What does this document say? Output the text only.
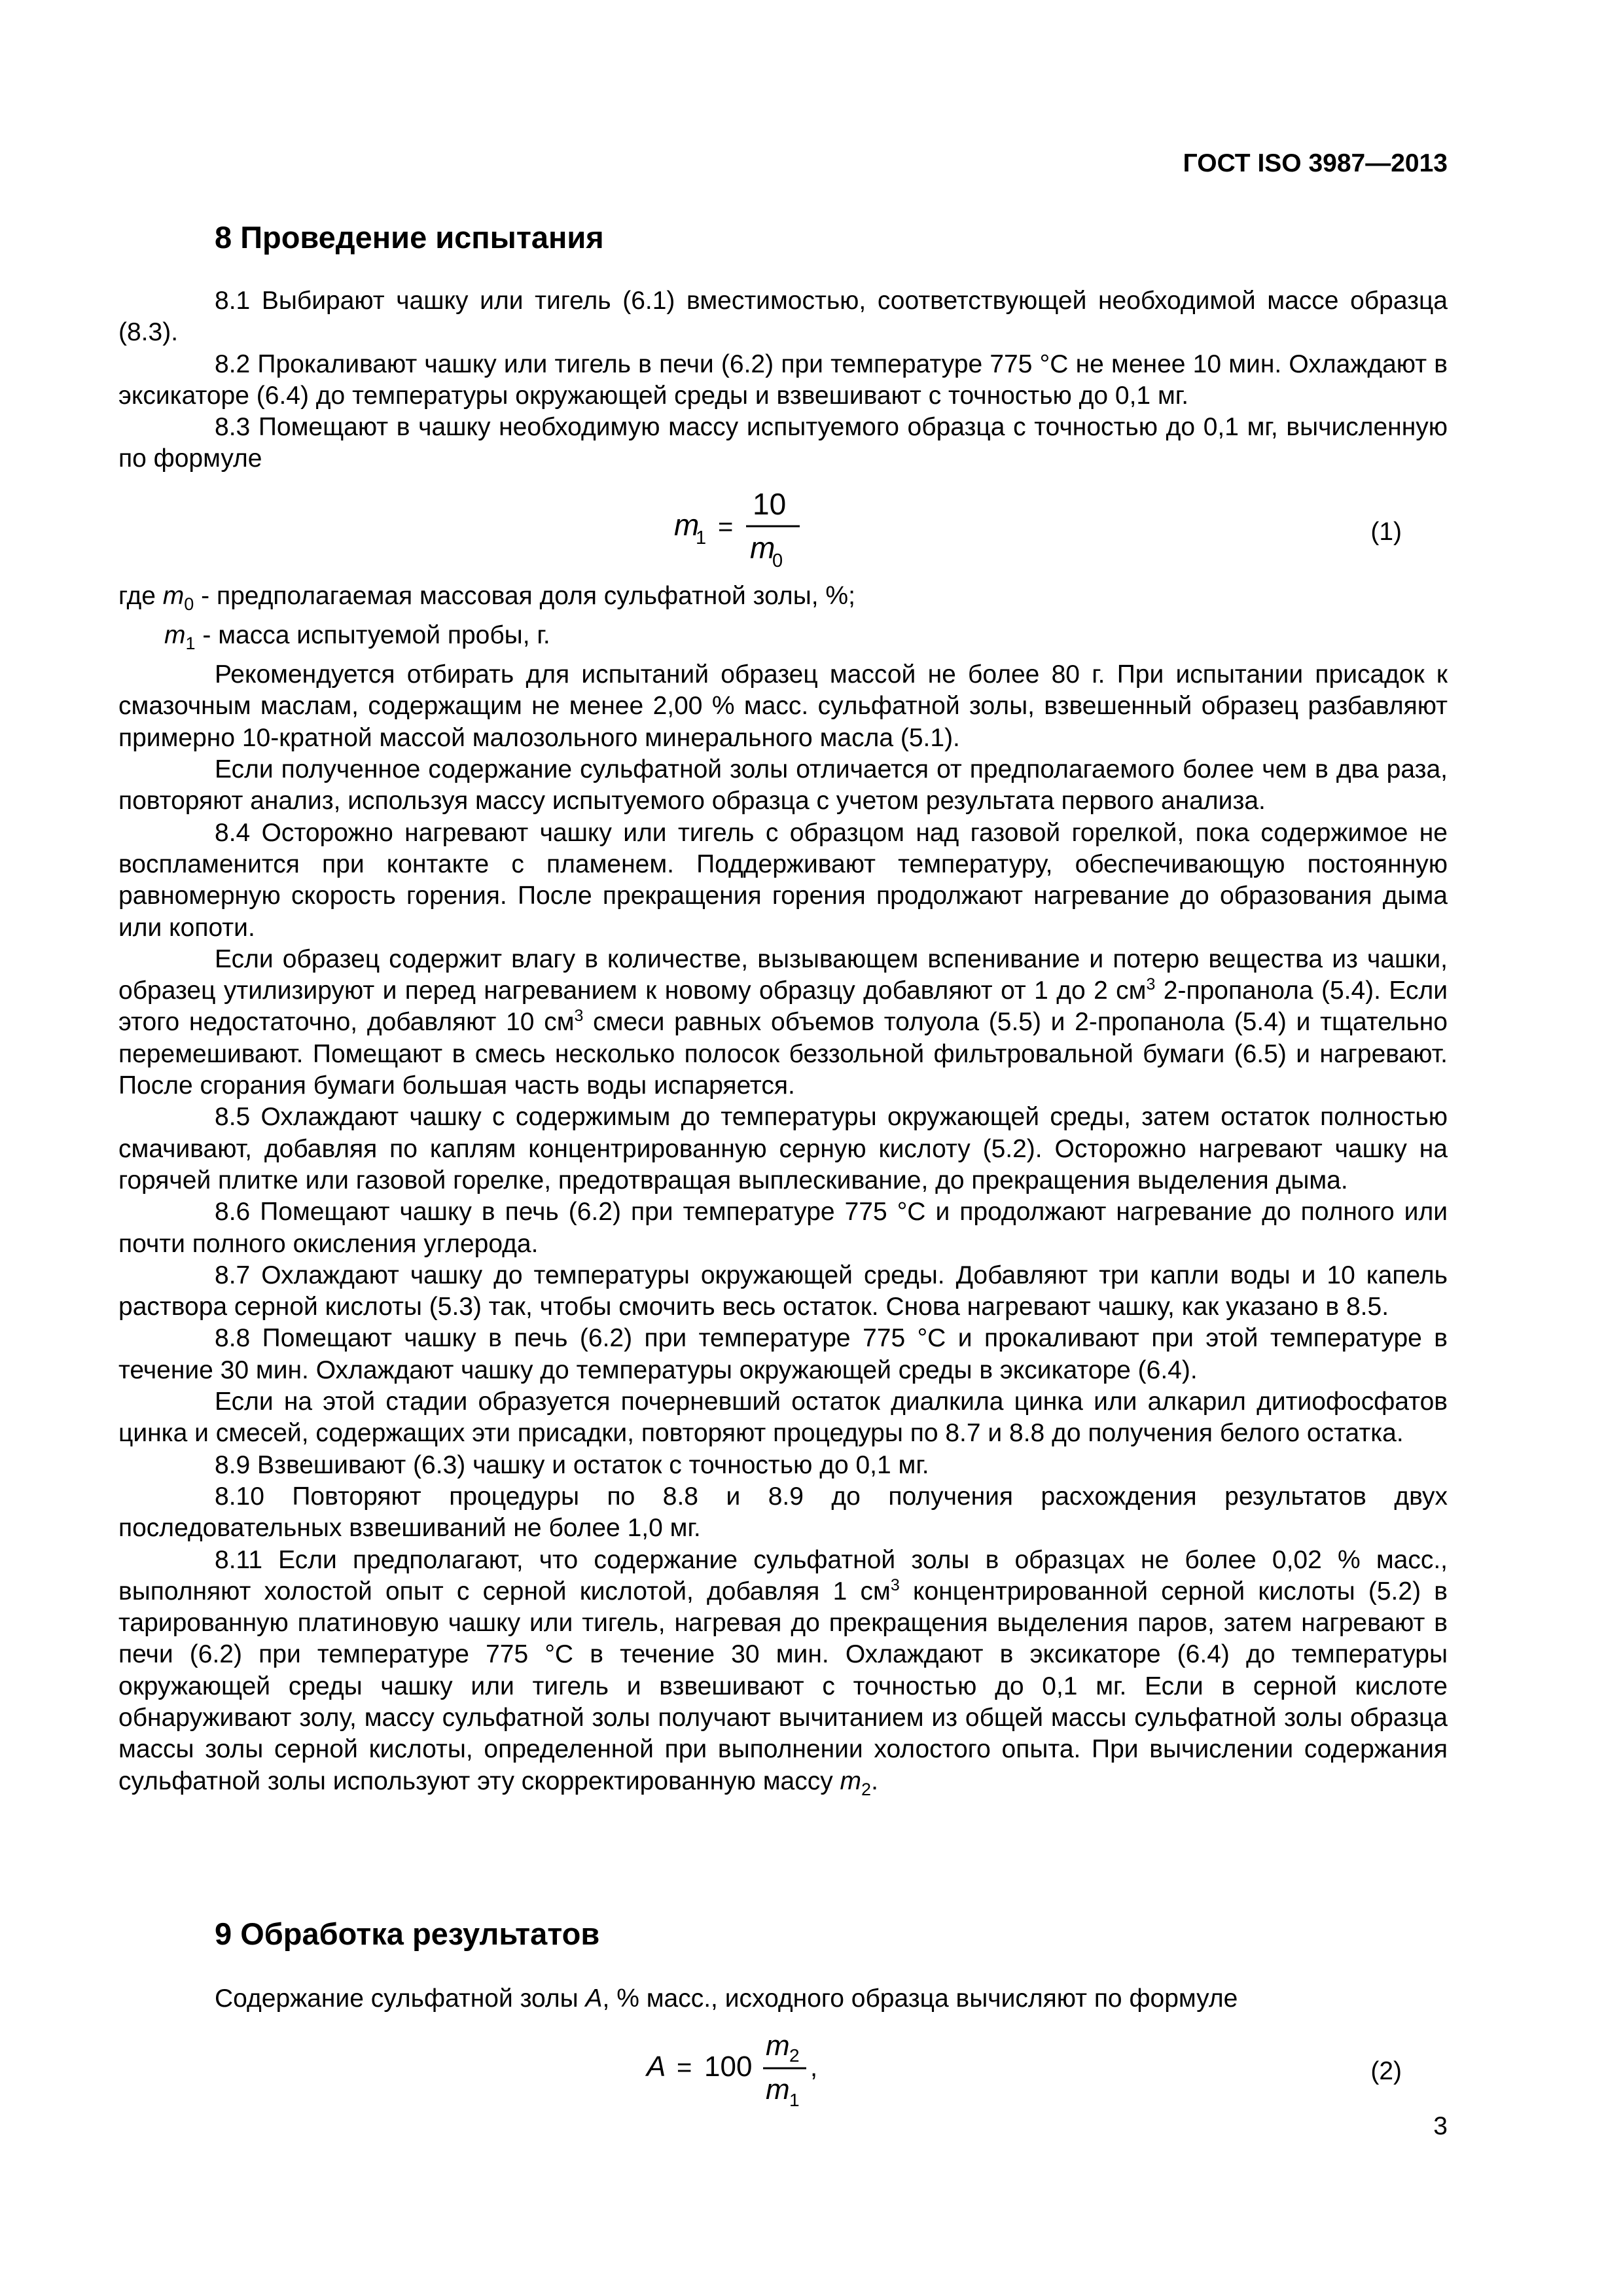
ГОСТ ISO 3987—2013
8 Проведение испытания

8.1 Выбирают чашку или тигель (6.1) вместимостью, соответствующей необходимой массе образца (8.3).

8.2 Прокаливают чашку или тигель в печи (6.2) при температуре 775 °С не менее 10 мин. Охлаждают в эксикаторе (6.4) до температуры окружающей среды и взвешивают с точностью до 0,1 мг.

8.3 Помещают в чашку необходимую массу испытуемого образца с точностью до 0,1 мг, вычисленную по формуле

m
1 =
10
m
0
(1)

где $m_0$ - предполагаемая массовая доля сульфатной золы, %;

$m_1$ - масса испытуемой пробы, г.

Рекомендуется отбирать для испытаний образец массой не более 80 г. При испытании присадок к смазочным маслам, содержащим не менее 2,00 % масс. сульфатной золы, взвешенный образец разбавляют примерно 10-кратной массой малозольного минерального масла (5.1).

Если полученное содержание сульфатной золы отличается от предполагаемого более чем в два раза, повторяют анализ, используя массу испытуемого образца с учетом результата первого анализа.

8.4 Осторожно нагревают чашку или тигель с образцом над газовой горелкой, пока содержимое не воспламенится при контакте с пламенем. Поддерживают температуру, обеспечивающую постоянную равномерную скорость горения. После прекращения горения продолжают нагревание до образования дыма или копоти.

Если образец содержит влагу в количестве, вызывающем вспенивание и потерю вещества из чашки, образец утилизируют и перед нагреванием к новому образцу добавляют от 1 до 2 $см^3$ 2-пропанола (5.4). Если этого недостаточно, добавляют 10 $см^3$ смеси равных объемов толуола (5.5) и 2-пропанола (5.4) и тщательно перемешивают. Помещают в смесь несколько полосок беззольной фильтровальной бумаги (6.5) и нагревают. После сгорания бумаги большая часть воды испаряется.

8.5 Охлаждают чашку с содержимым до температуры окружающей среды, затем остаток полностью смачивают, добавляя по каплям концентрированную серную кислоту (5.2). Осторожно нагревают чашку на горячей плитке или газовой горелке, предотвращая выплескивание, до прекращения выделения дыма.

8.6 Помещают чашку в печь (6.2) при температуре 775 °С и продолжают нагревание до полного или почти полного окисления углерода.

8.7 Охлаждают чашку до температуры окружающей среды. Добавляют три капли воды и 10 капель раствора серной кислоты (5.3) так, чтобы смочить весь остаток. Снова нагревают чашку, как указано в 8.5.

8.8 Помещают чашку в печь (6.2) при температуре 775 °С и прокаливают при этой температуре в течение 30 мин. Охлаждают чашку до температуры окружающей среды в эксикаторе (6.4).

Если на этой стадии образуется почерневший остаток диалкила цинка или алкарил дитиофосфатов цинка и смесей, содержащих эти присадки, повторяют процедуры по 8.7 и 8.8 до получения белого остатка.

8.9 Взвешивают (6.3) чашку и остаток с точностью до 0,1 мг.

8.10 Повторяют процедуры по 8.8 и 8.9 до получения расхождения результатов двух последовательных взвешиваний не более 1,0 мг.

8.11 Если предполагают, что содержание сульфатной золы в образцах не более 0,02 % масс., выполняют холостой опыт с серной кислотой, добавляя 1 $см^3$ концентрированной серной кислоты (5.2) в тарированную платиновую чашку или тигель, нагревая до прекращения выделения паров, затем нагревают в печи (6.2) при температуре 775 °С в течение 30 мин. Охлаждают в эксикаторе (6.4) до температуры окружающей среды чашку или тигель и взвешивают с точностью до 0,1 мг. Если в серной кислоте обнаруживают золу, массу сульфатной золы получают вычитанием из общей массы сульфатной золы образца массы золы серной кислоты, определенной при выполнении холостого опыта. При вычислении содержания сульфатной золы используют эту скорректированную массу $m_2$.

9 Обработка результатов

Содержание сульфатной золы A, % масс., исходного образца вычисляют по формуле

A = 100
m 2
m 1
,	(2)
3
